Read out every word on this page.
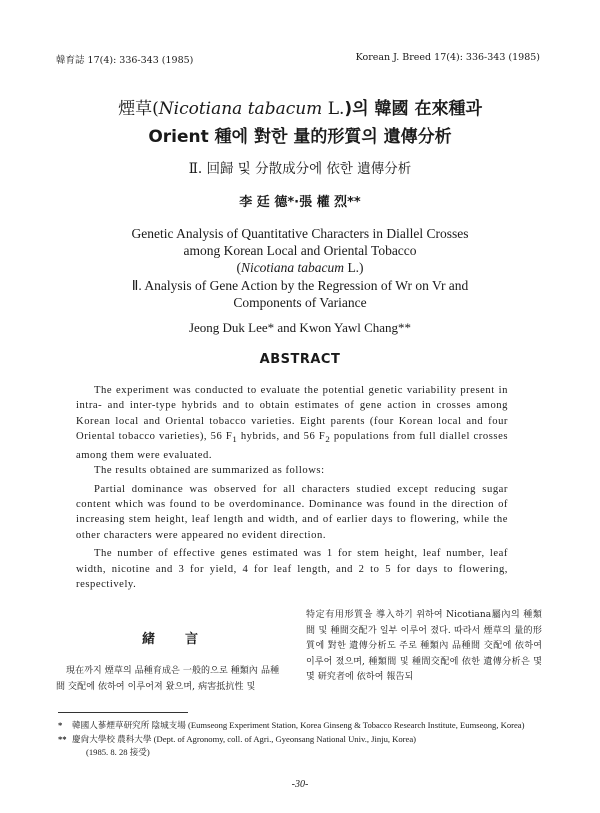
韓育誌 17(4): 336-343 (1985)	Korean J. Breed 17(4): 336-343 (1985)
煙草(Nicotiana tabacum L.)의 韓國 在來種과
Orient 種에 對한 量的形質의 遺傳分析
Ⅱ. 回歸 및 分散成分에 依한 遺傳分析
李 廷 德*·張 權 烈**
Genetic Analysis of Quantitative Characters in Diallel Crosses
among Korean Local and Oriental Tobacco
(Nicotiana tabacum L.)
Ⅱ. Analysis of Gene Action by the Regression of Wr on Vr and
Components of Variance
Jeong Duk Lee* and Kwon Yawl Chang**
ABSTRACT

The experiment was conducted to evaluate the potential genetic variability present in intra- and inter-type hybrids and to obtain estimates of gene action in crosses among Korean local and Oriental tobacco varieties. Eight parents (four Korean local and four Oriental tobacco varieties), 56 $F_1$ hybrids, and 56 $F_2$ populations from full diallel crosses among them were evaluated.

The results obtained are summarized as follows:

Partial dominance was observed for all characters studied except reducing sugar content which was found to be overdominance. Dominance was found in the direction of increasing stem height, leaf length and width, and of earlier days to flowering, while the other characters were appeared no evident direction.

The number of effective genes estimated was 1 for stem height, leaf number, leaf width, nicotine and 3 for yield, 4 for leaf length, and 2 to 5 for days to flowering, respectively.

緒言
現在까지 煙草의 品種育成은 一般的으로 種類內 品種間 交配에 依하여 이루어져 왔으며, 病害抵抗性 및
特定有用形質을 導入하기 위하여 Nicotiana屬內의 種類間 및 種間交配가 일부 이루어 졌다. 따라서 煙草의 量的形質에 對한 遺傳分析도 주로 種類內 品種間 交配에 依하여 이루어 졌으며, 種類間 및 種間交配에 依한 遺傳分析은 몇몇 研究者에 依하여 報告되
* 韓國人蔘煙草研究所 陰城支場 (Eumseong Experiment Station, Korea Ginseng & Tobacco Research Institute, Eumseong, Korea)
** 慶尙大學校 農科大學 (Dept. of Agronomy, coll. of Agri., Gyeonsang National Univ., Jinju, Korea)
(1985. 8. 28 接受)
-30-
